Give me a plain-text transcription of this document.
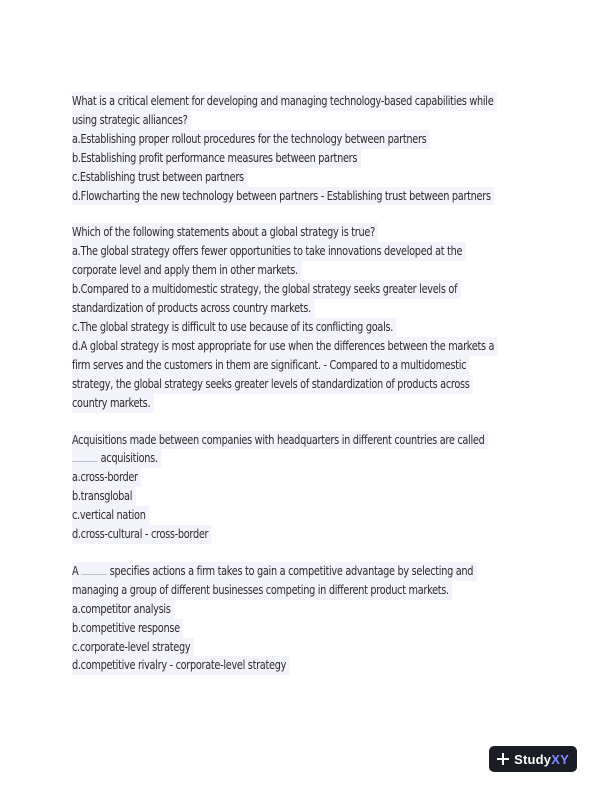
What is a critical element for developing and managing technology-based capabilities while
using strategic alliances?
a.Establishing proper rollout procedures for the technology between partners
b.Establishing profit performance measures between partners
c.Establishing trust between partners
d.Flowcharting the new technology between partners - Establishing trust between partners
Which of the following statements about a global strategy is true?
a.The global strategy offers fewer opportunities to take innovations developed at the
corporate level and apply them in other markets.
b.Compared to a multidomestic strategy, the global strategy seeks greater levels of
standardization of products across country markets.
c.The global strategy is difficult to use because of its conflicting goals.
d.A global strategy is most appropriate for use when the differences between the markets a
firm serves and the customers in them are significant. - Compared to a multidomestic
strategy, the global strategy seeks greater levels of standardization of products across
country markets.
Acquisitions made between companies with headquarters in different countries are called
acquisitions.
a.cross-border
b.transglobal
c.vertical nation
d.cross-cultural - cross-border
A specifies actions a firm takes to gain a competitive advantage by selecting and
managing a group of different businesses competing in different product markets.
a.competitor analysis
b.competitive response
c.corporate-level strategy
d.competitive rivalry - corporate-level strategy
StudyXY
